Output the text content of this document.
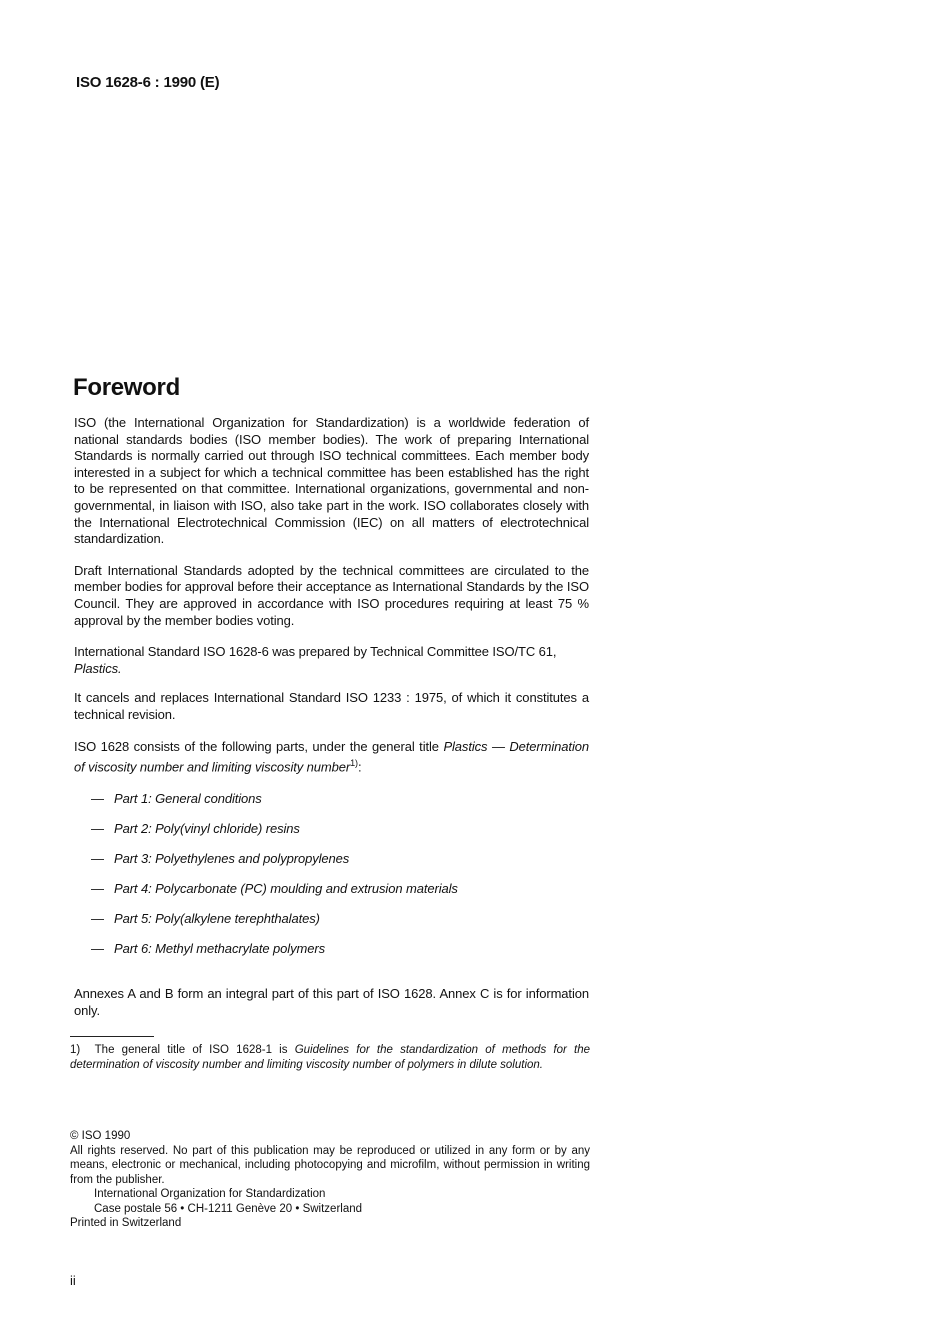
ISO 1628-6 : 1990 (E)
Foreword

ISO (the International Organization for Standardization) is a worldwide federation of national standards bodies (ISO member bodies). The work of preparing International Standards is normally carried out through ISO technical committees. Each member body interested in a subject for which a technical committee has been established has the right to be represented on that committee. International organizations, governmental and non-governmental, in liaison with ISO, also take part in the work. ISO collaborates closely with the International Electrotechnical Commission (IEC) on all matters of electrotechnical standardization.

Draft International Standards adopted by the technical committees are circulated to the member bodies for approval before their acceptance as International Standards by the ISO Council. They are approved in accordance with ISO procedures requiring at least 75 % approval by the member bodies voting.

International Standard ISO 1628-6 was prepared by Technical Committee ISO/TC 61,
Plastics.

It cancels and replaces International Standard ISO 1233 : 1975, of which it constitutes a technical revision.

ISO 1628 consists of the following parts, under the general title Plastics — Determination of viscosity number and limiting viscosity number$^{1)}$:

— Part 1: General conditions
— Part 2: Poly(vinyl chloride) resins
— Part 3: Polyethylenes and polypropylenes
— Part 4: Polycarbonate (PC) moulding and extrusion materials
— Part 5: Poly(alkylene terephthalates)
— Part 6: Methyl methacrylate polymers

Annexes A and B form an integral part of this part of ISO 1628. Annex C is for information only.

1) The general title of ISO 1628-1 is Guidelines for the standardization of methods for the determination of viscosity number and limiting viscosity number of polymers in dilute solution.

© ISO 1990

All rights reserved. No part of this publication may be reproduced or utilized in any form or by any means, electronic or mechanical, including photocopying and microfilm, without permission in writing from the publisher.

International Organization for Standardization

Case postale 56 • CH-1211 Genève 20 • Switzerland

Printed in Switzerland

ii
